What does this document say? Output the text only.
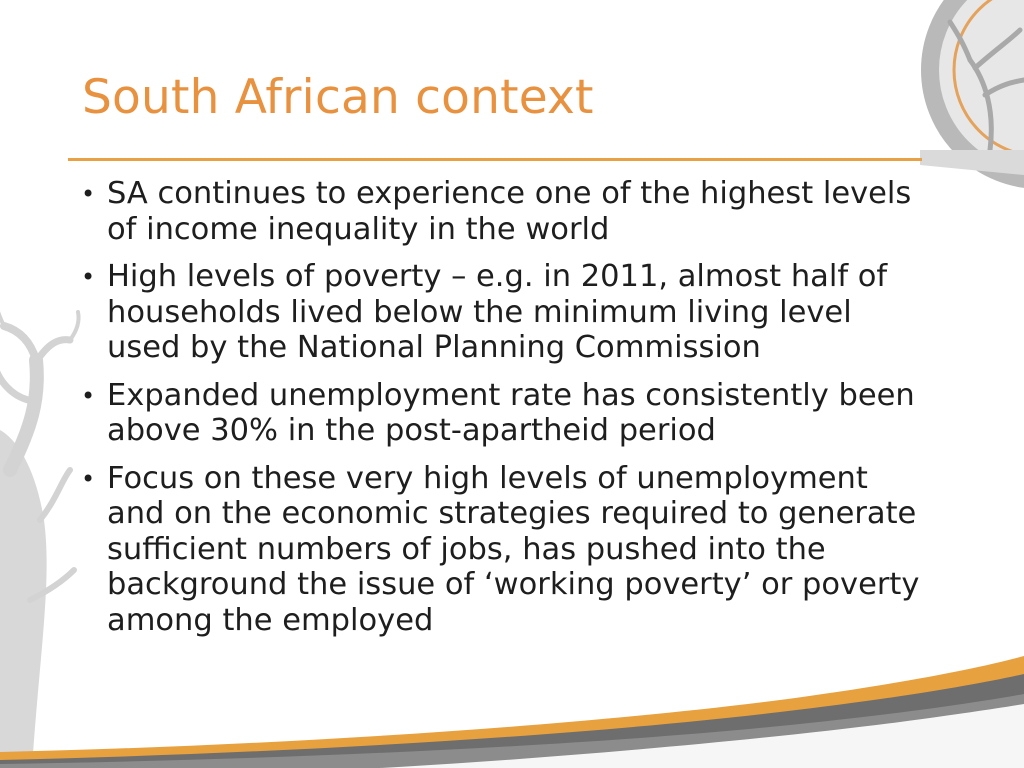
South African context
• SA continues to experience one of the highest levels of income inequality in the world
• High levels of poverty – e.g. in 2011, almost half of households lived below the minimum living level used by the National Planning Commission
• Expanded unemployment rate has consistently been above 30% in the post-apartheid period
• Focus on these very high levels of unemployment and on the economic strategies required to generate sufficient numbers of jobs, has pushed into the background the issue of ‘working poverty’ or poverty among the employed
